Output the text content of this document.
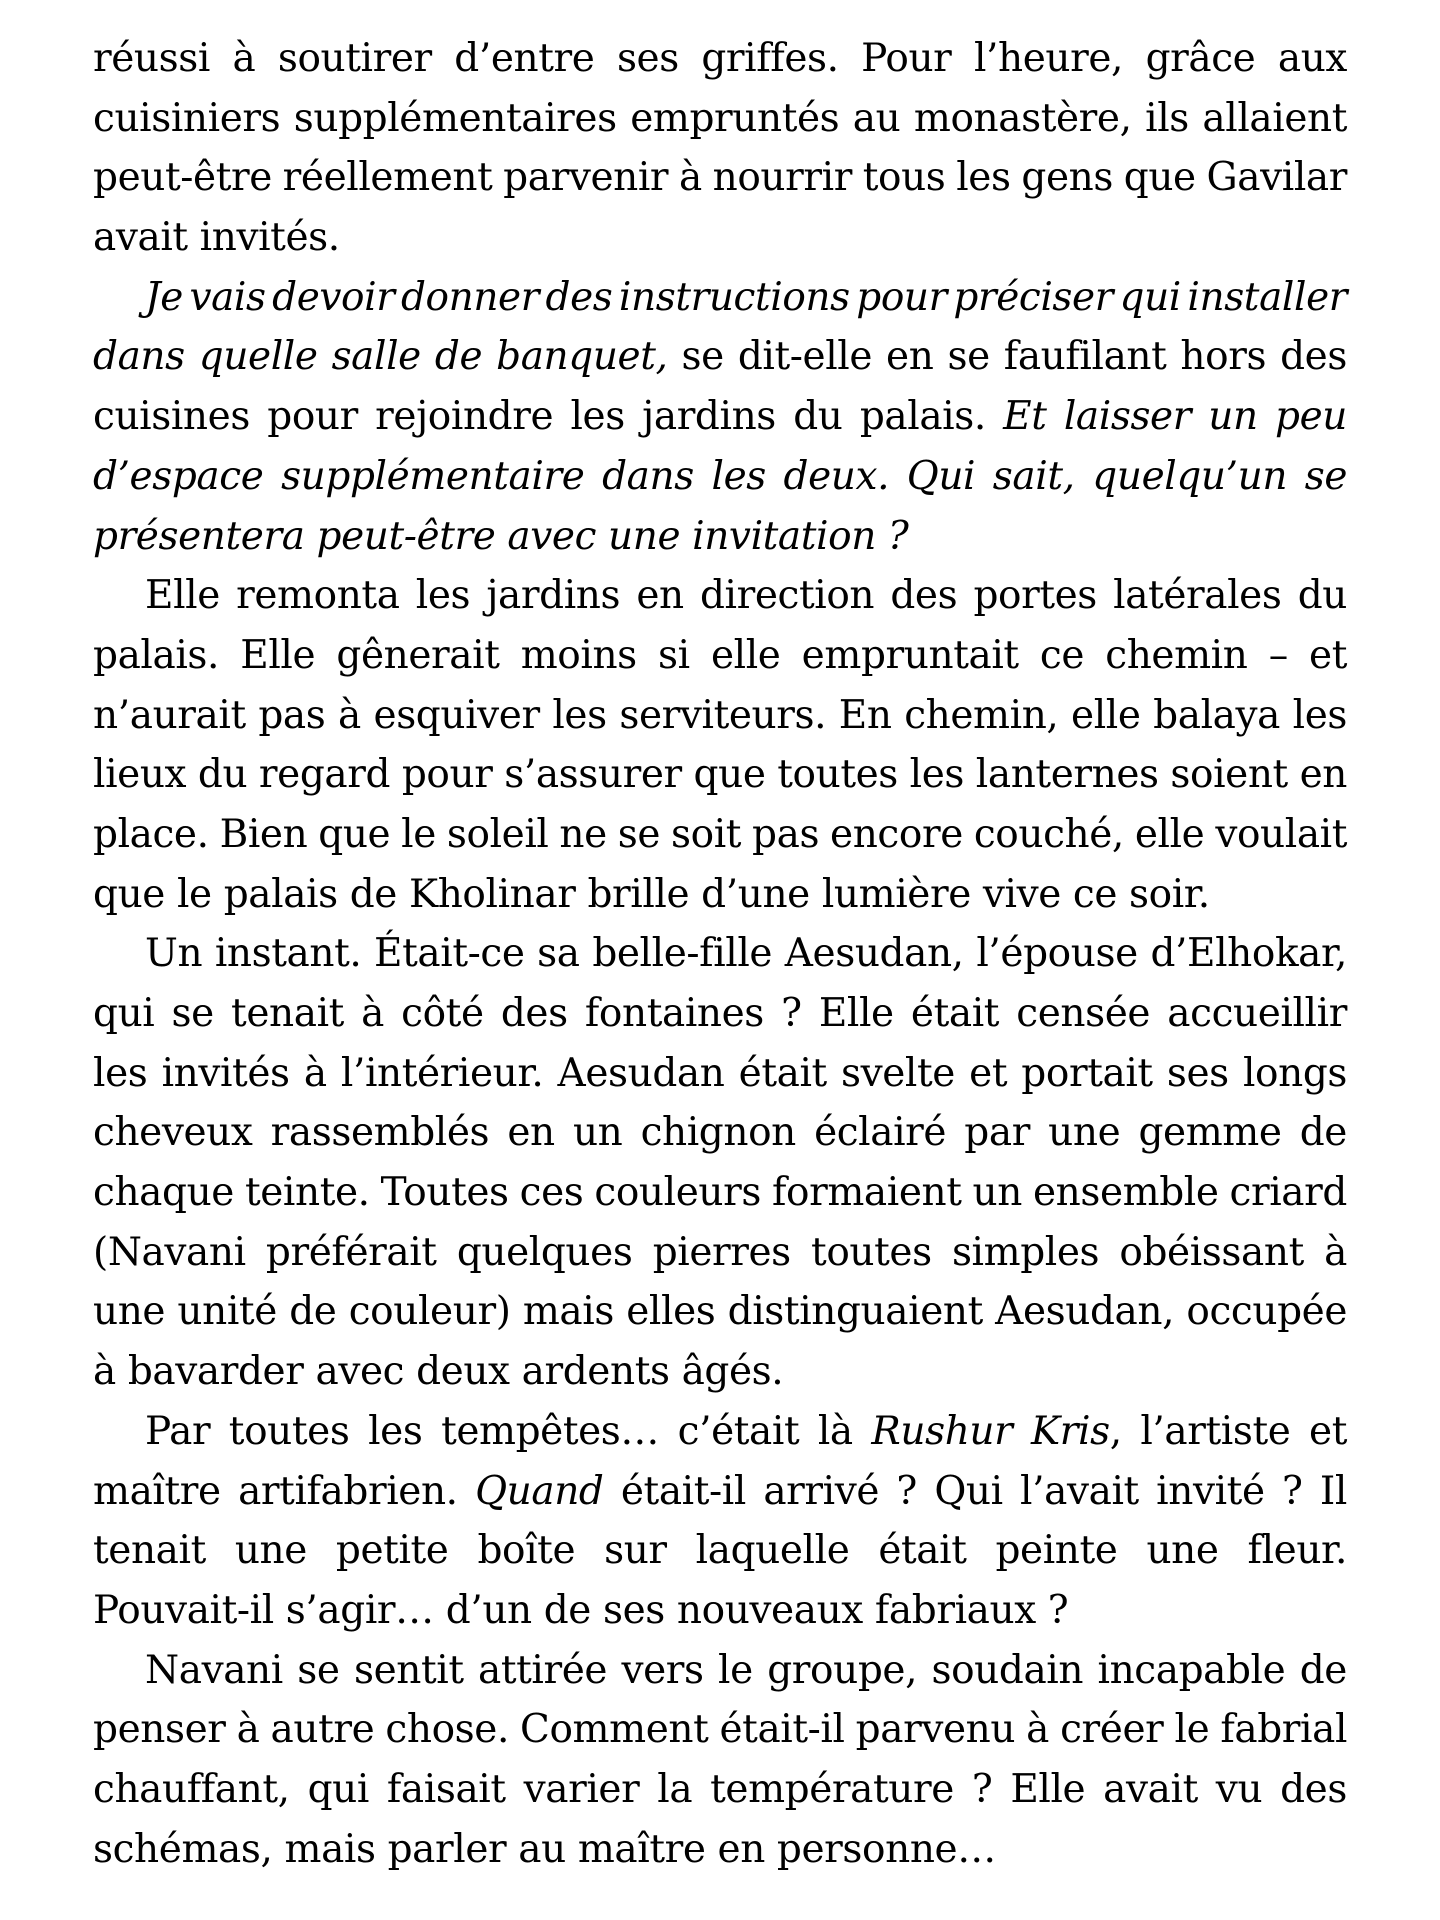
réussi à soutirer d’entre ses griffes. Pour l’heure, grâce aux
cuisiniers supplémentaires empruntés au monastère, ils allaient
peut-être réellement parvenir à nourrir tous les gens que Gavilar
avait invités.
Je vais devoir donner des instructions pour préciser qui installer
dans quelle salle de banquet, se dit-elle en se faufilant hors des
cuisines pour rejoindre les jardins du palais. Et laisser un peu
d’espace supplémentaire dans les deux. Qui sait, quelqu’un se
présentera peut-être avec une invitation ?
Elle remonta les jardins en direction des portes latérales du
palais. Elle gênerait moins si elle empruntait ce chemin – et
n’aurait pas à esquiver les serviteurs. En chemin, elle balaya les
lieux du regard pour s’assurer que toutes les lanternes soient en
place. Bien que le soleil ne se soit pas encore couché, elle voulait
que le palais de Kholinar brille d’une lumière vive ce soir.
Un instant. Était-ce sa belle-fille Aesudan, l’épouse d’Elhokar,
qui se tenait à côté des fontaines ? Elle était censée accueillir
les invités à l’intérieur. Aesudan était svelte et portait ses longs
cheveux rassemblés en un chignon éclairé par une gemme de
chaque teinte. Toutes ces couleurs formaient un ensemble criard
(Navani préférait quelques pierres toutes simples obéissant à
une unité de couleur) mais elles distinguaient Aesudan, occupée
à bavarder avec deux ardents âgés.
Par toutes les tempêtes… c’était là Rushur Kris, l’artiste et
maître artifabrien. Quand était-il arrivé ? Qui l’avait invité ? Il
tenait une petite boîte sur laquelle était peinte une fleur.
Pouvait-il s’agir… d’un de ses nouveaux fabriaux ?
Navani se sentit attirée vers le groupe, soudain incapable de
penser à autre chose. Comment était-il parvenu à créer le fabrial
chauffant, qui faisait varier la température ? Elle avait vu des
schémas, mais parler au maître en personne…
